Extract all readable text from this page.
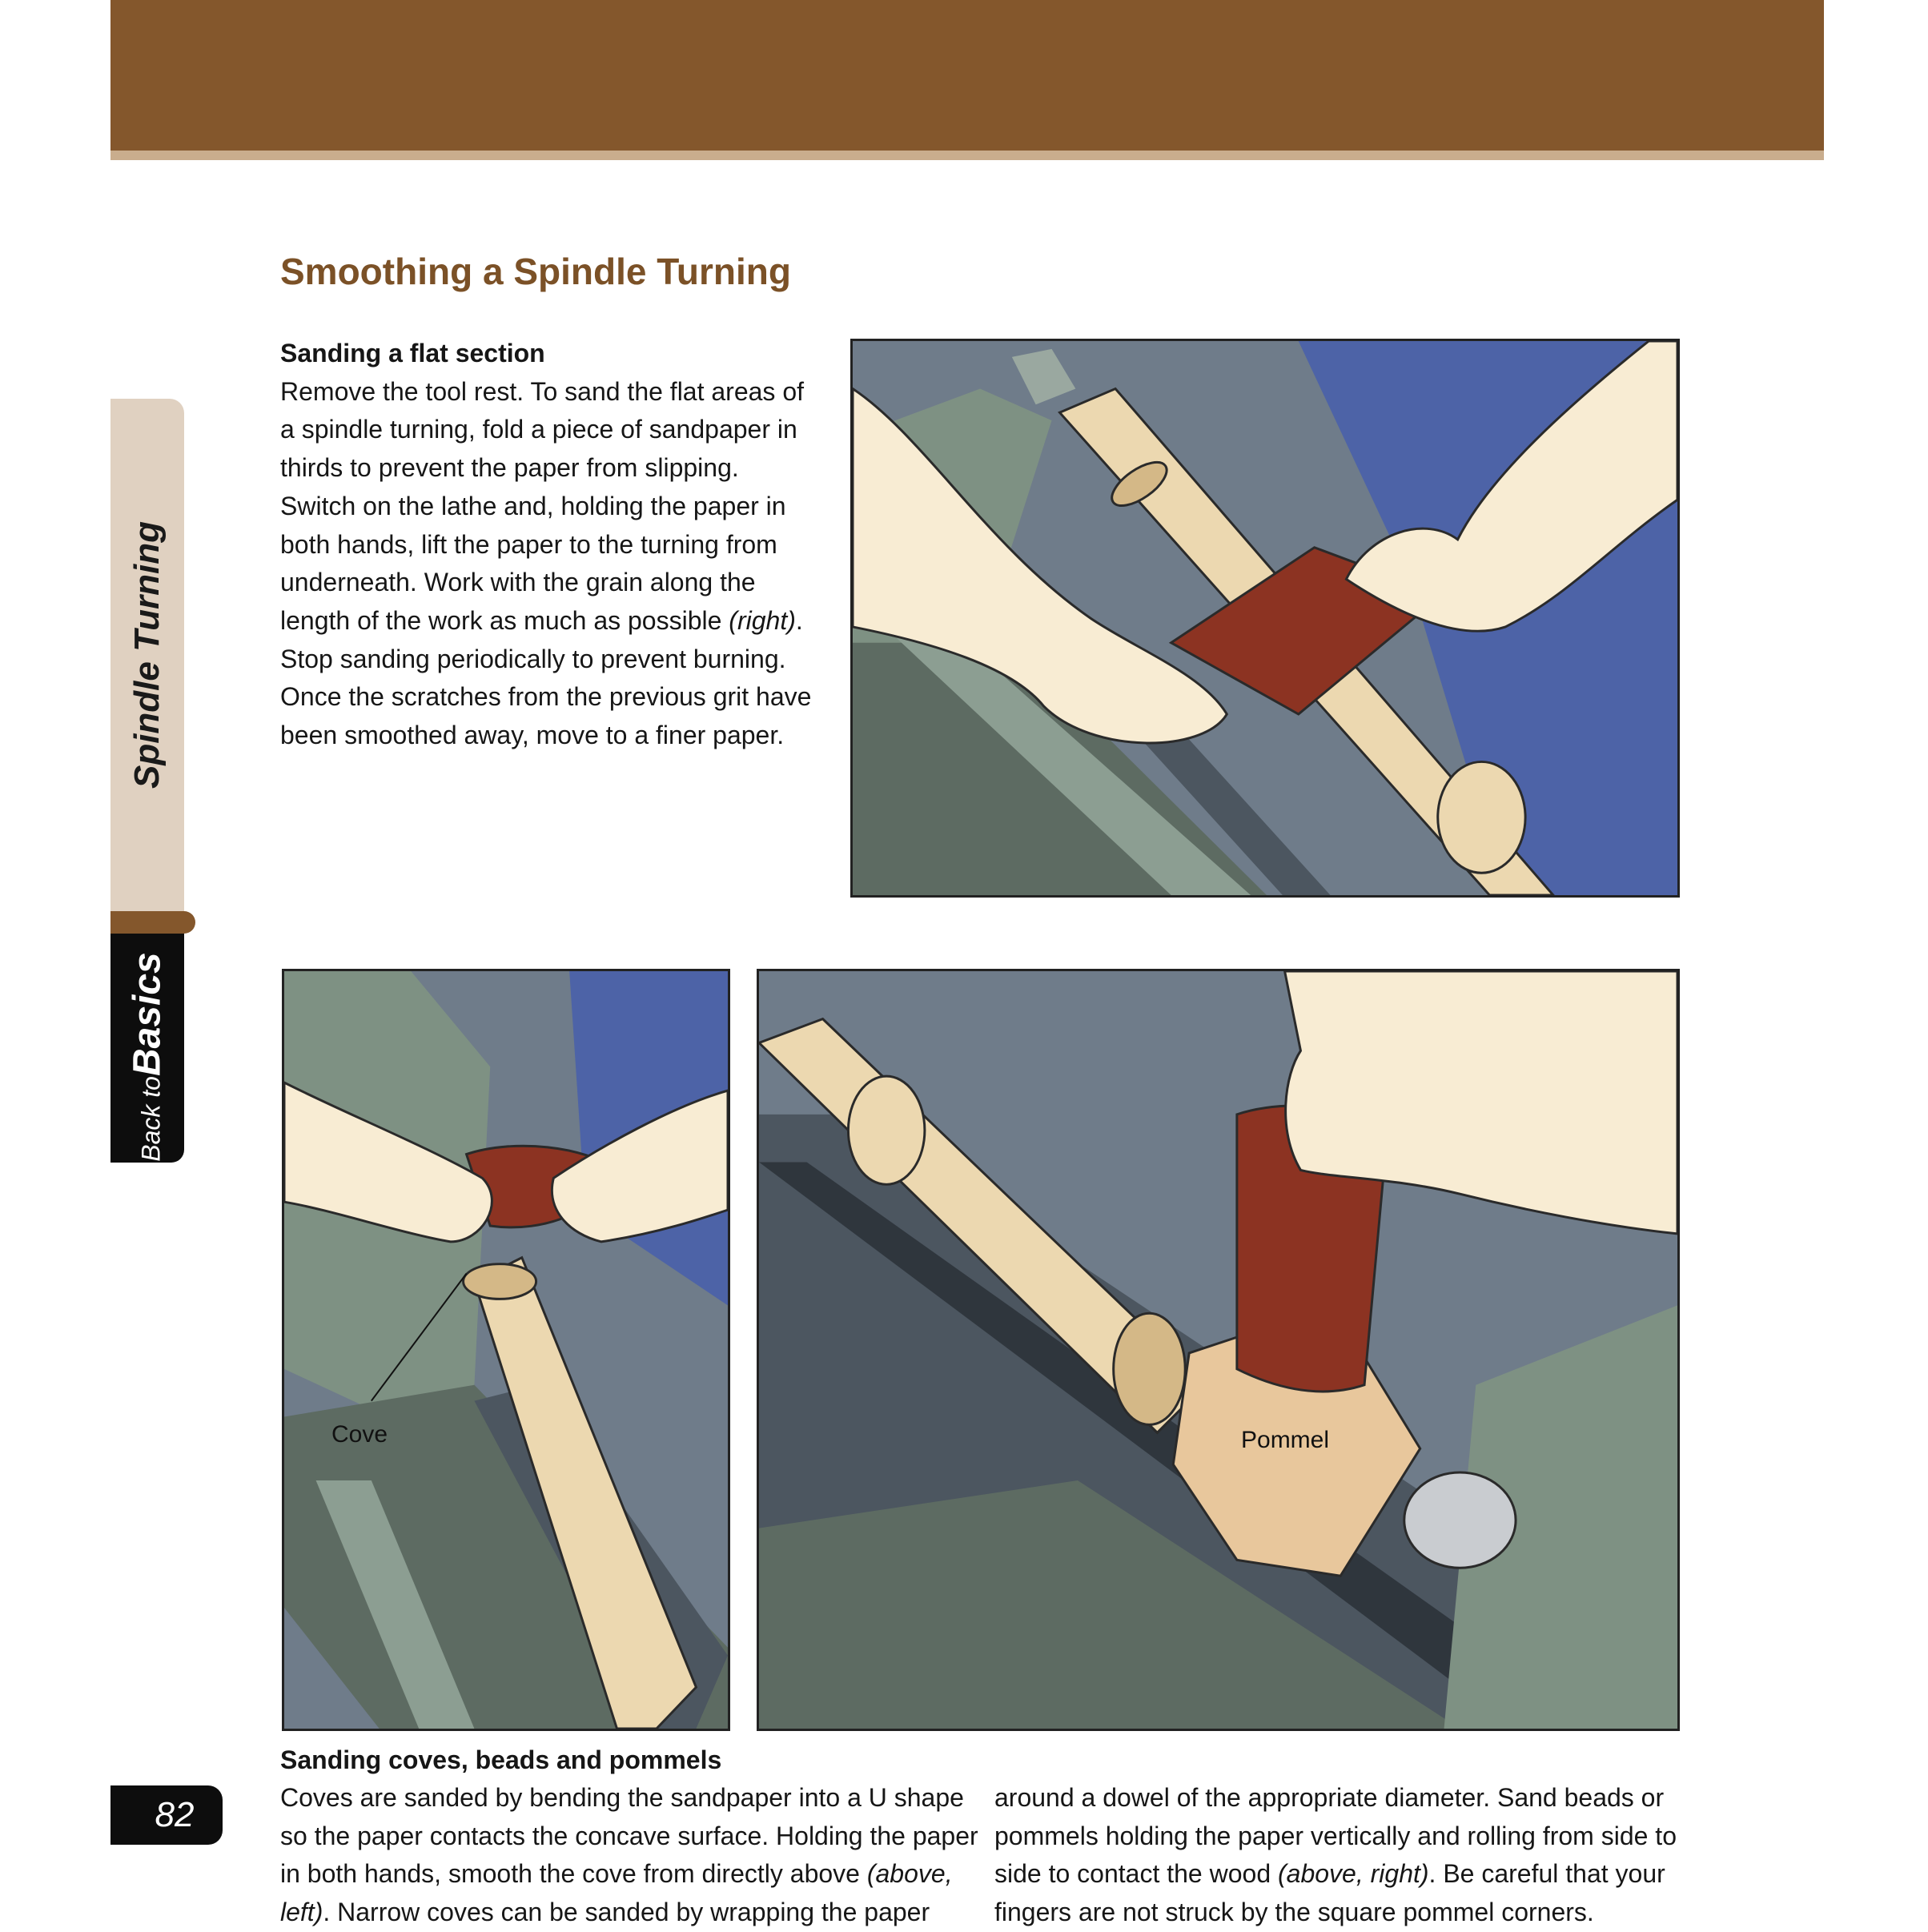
Spindle Turning
Back toBasics
82
Smoothing a Spindle Turning
Sanding a flat section

Remove the tool rest. To sand the flat areas of a spindle turning, fold a piece of sandpaper in thirds to prevent the paper from slipping. Switch on the lathe and, holding the paper in both hands, lift the paper to the turning from underneath. Work with the grain along the length of the work as much as possible (right). Stop sanding periodically to prevent burning. Once the scratches from the previous grit have been smoothed away, move to a finer paper.

Cove	Pommel
Sanding coves, beads and pommels

Coves are sanded by bending the sandpaper into a U shape so the paper contacts the concave surface. Holding the paper in both hands, smooth the cove from directly above (above, left). Narrow coves can be sanded by wrapping the paper

around a dowel of the appropriate diameter. Sand beads or pommels holding the paper vertically and rolling from side to side to contact the wood (above, right). Be careful that your fingers are not struck by the square pommel corners.
